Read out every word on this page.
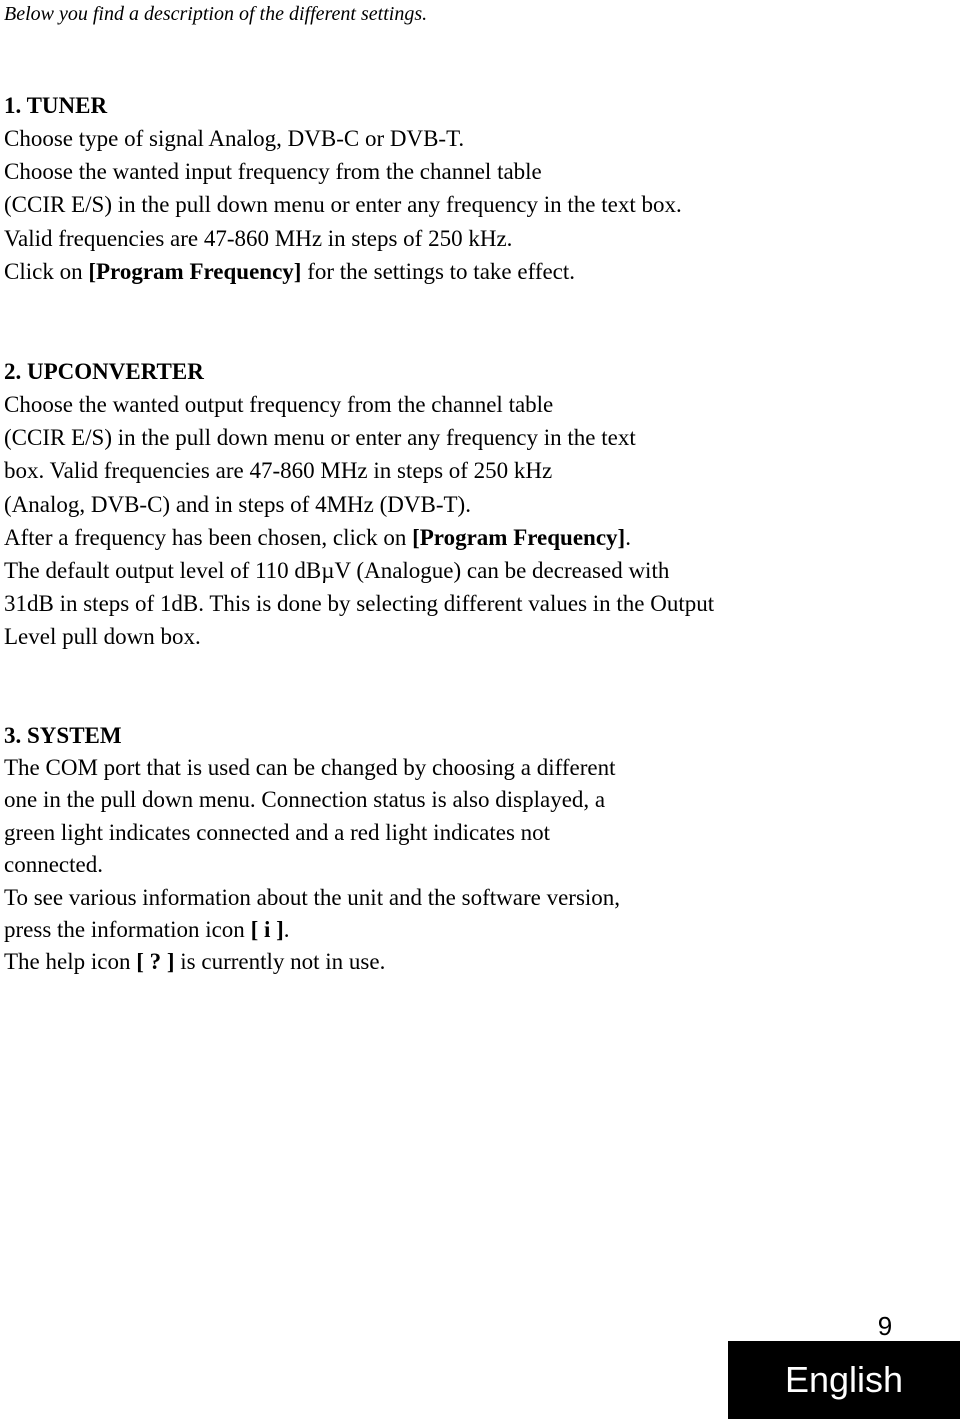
Below you find a description of the different settings.

1. TUNER

Choose type of signal Analog, DVB-C or DVB-T.

Choose the wanted input frequency from the channel table

(CCIR E/S) in the pull down menu or enter any frequency in the text box.

Valid frequencies are 47-860 MHz in steps of 250 kHz.

Click on [Program Frequency] for the settings to take effect.

2. UPCONVERTER

Choose the wanted output frequency from the channel table

(CCIR E/S) in the pull down menu or enter any frequency in the text

box. Valid frequencies are 47-860 MHz in steps of 250 kHz

(Analog, DVB-C) and in steps of 4MHz (DVB-T).

After a frequency has been chosen, click on [Program Frequency].

The default output level of 110 dBµV (Analogue) can be decreased with

31dB in steps of 1dB. This is done by selecting different values in the Output

Level pull down box.

3. SYSTEM

The COM port that is used can be changed by choosing a different

one in the pull down menu. Connection status is also displayed, a

green light indicates connected and a red light indicates not

connected.

To see various information about the unit and the software version,

press the information icon [ i ].

The help icon [ ? ] is currently not in use.

9
English
